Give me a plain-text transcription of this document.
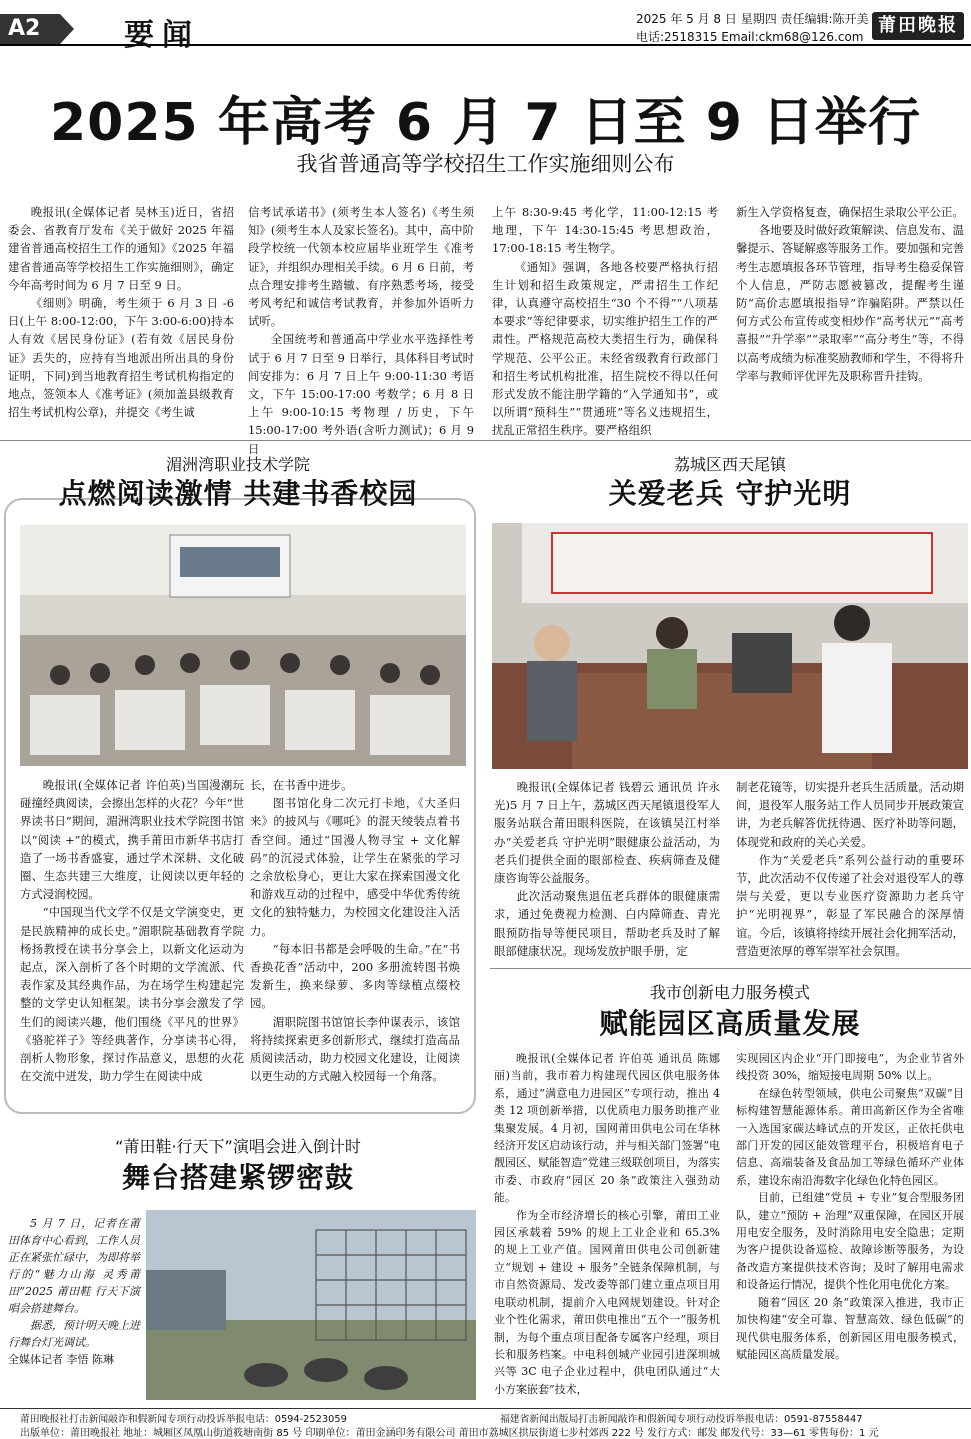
A2	要闻	2025 年 5 月 8 日 星期四 责任编辑:陈开美
电话:2518315 Email:ckm68@126.com
莆田晚报
2025 年高考 6 月 7 日至 9 日举行
我省普通高等学校招生工作实施细则公布

晚报讯(全媒体记者 吴林玉)近日，省招委会、省教育厅发布《关于做好 2025 年福建省普通高校招生工作的通知》《2025 年福建省普通高等学校招生工作实施细则》，确定今年高考时间为 6 月 7 日至 9 日。

《细则》明确，考生须于 6 月 3 日 -6 日(上午 8:00-12:00，下午 3:00-6:00)持本人有效《居民身份证》(若有效《居民身份证》丢失的，应持有当地派出所出具的身份证明，下同)到当地教育招生考试机构指定的地点，签领本人《准考证》(须加盖县级教育招生考试机构公章)，并提交《考生诚

信考试承诺书》(须考生本人签名)《考生须知》(须考生本人及家长签名)。其中，高中阶段学校统一代领本校应届毕业班学生《准考证》，并组织办理相关手续。6 月 6 日前，考点合理安排考生踏辙、有序熟悉考场，接受考风考纪和诚信考试教育，并参加外语听力试听。

全国统考和普通高中学业水平选择性考试于 6 月 7 日至 9 日举行，具体科目考试时间安排为：6 月 7 日上午 9:00-11:30 考语文，下午 15:00-17:00 考数学；6 月 8 日上午 9:00-10:15 考物理 / 历史，下午 15:00-17:00 考外语(含听力测试)；6 月 9 日

上午 8:30-9:45 考化学，11:00-12:15 考地理，下午 14:30-15:45 考思想政治，17:00-18:15 考生物学。

《通知》强调，各地各校要严格执行招生计划和招生政策规定，严肃招生工作纪律，认真遵守高校招生“30 个不得”“八项基本要求”等纪律要求，切实维护招生工作的严肃性。严格规范高校大类招生行为，确保科学规范、公平公正。未经省级教育行政部门和招生考试机构批准，招生院校不得以任何形式发放不能注册学籍的“入学通知书”，或以所谓“预科生”“贯通班”等名义违规招生，扰乱正常招生秩序。要严格组织

新生入学资格复查，确保招生录取公平公正。

各地要及时做好政策解读、信息发布、温馨提示、答疑解惑等服务工作。要加强和完善考生志愿填报各环节管理，指导考生稳妥保管个人信息，严防志愿被篡改，提醒考生谨防“高价志愿填报指导”诈骗陷阱。严禁以任何方式公布宣传或变相炒作“高考状元”“高考喜报”“升学率”“录取率”“高分考生”等，不得以高考成绩为标准奖励教师和学生，不得将升学率与教师评优评先及职称晋升挂钩。

湄洲湾职业技术学院
点燃阅读激情 共建书香校园

晚报讯(全媒体记者 许伯英)当国漫潮玩碰撞经典阅读，会擦出怎样的火花？今年“世界读书日”期间，湄洲湾职业技术学院图书馆以“阅读 +”的模式，携手莆田市新华书店打造了一场书香盛宴，通过学术深耕、文化破圈、生态共建三大维度，让阅读以更年轻的方式浸润校园。

“中国现当代文学不仅是文学演变史，更是民族精神的成长史。”湄职院基础教育学院杨扬教授在读书分享会上，以新文化运动为起点，深入剖析了各个时期的文学流派、代表作家及其经典作品，为在场学生构建起完整的文学史认知框架。读书分享会激发了学生们的阅读兴趣，他们围绕《平凡的世界》《骆驼祥子》等经典著作，分享读书心得，剖析人物形象，探讨作品意义，思想的火花在交流中迸发，助力学生在阅读中成

长，在书香中进步。

图书馆化身二次元打卡地，《大圣归来》的披风与《哪吒》的混天绫装点着书香空间。通过“国漫人物寻宝 + 文化解码”的沉浸式体验，让学生在紧张的学习之余放松身心，更让大家在探索国漫文化和游戏互动的过程中，感受中华优秀传统文化的独特魅力，为校园文化建设注入活力。

“每本旧书都是会呼吸的生命。”在“书香换花香”活动中，200 多册流转图书焕发新生，换来绿萝、多肉等绿植点缀校园。

湄职院图书馆馆长李仲谋表示，该馆将持续探索更多创新形式，继续打造高品质阅读活动，助力校园文化建设，让阅读以更生动的方式融入校园每一个角落。

荔城区西天尾镇
关爱老兵 守护光明

晚报讯(全媒体记者 钱碧云 通讯员 许永光)5 月 7 日上午，荔城区西天尾镇退役军人服务站联合莆田眼科医院，在该镇吴江村举办“关爱老兵 守护光明”眼健康公益活动，为老兵们提供全面的眼部检查、疾病筛查及健康咨询等公益服务。

此次活动聚焦退伍老兵群体的眼健康需求，通过免费视力检测、白内障筛查、青光眼预防指导等便民项目，帮助老兵及时了解眼部健康状况。现场发放护眼手册，定

制老花镜等，切实提升老兵生活质量。活动期间，退役军人服务站工作人员同步开展政策宣讲，为老兵解答优抚待遇、医疗补助等问题，体现党和政府的关心关爱。

作为“关爱老兵”系列公益行动的重要环节，此次活动不仅传递了社会对退役军人的尊崇与关爱，更以专业医疗资源助力老兵守护“光明视界”，彰显了军民融合的深厚情谊。今后，该镇将持续开展社会化拥军活动，营造更浓厚的尊军崇军社会氛围。

我市创新电力服务模式
赋能园区高质量发展

晚报讯(全媒体记者 许伯英 通讯员 陈娜丽)当前，我市着力构建现代园区供电服务体系，通过“满意电力进园区”专项行动，推出 4 类 12 项创新举措，以优质电力服务助推产业集聚发展。4 月初，国网莆田供电公司在华林经济开发区启动该行动，并与相关部门签署“电靓园区、赋能智造”党建三级联创项目，为落实市委、市政府“园区 20 条”政策注入强劲动能。

作为全市经济增长的核心引擎，莆田工业园区承载着 59% 的规上工业企业和 65.3% 的规上工业产值。国网莆田供电公司创新建立“规划 + 建设 + 服务”全链条保障机制，与市自然资源局、发改委等部门建立重点项目用电联动机制，提前介入电网规划建设。针对企业个性化需求，莆田供电推出“五个一”服务机制，为每个重点项目配备专属客户经理，项目长和服务档案。中电科创城产业园引进深圳城兴等 3C 电子企业过程中，供电团队通过“大小方案嵌套”技术，

实现园区内企业“开门即接电”，为企业节省外线投资 30%，缩短接电周期 50% 以上。

在绿色转型领域，供电公司聚焦“双碳”目标构建智慧能源体系。莆田高新区作为全省唯一入选国家碳达峰试点的开发区，正依托供电部门开发的园区能效管理平台，积极培育电子信息、高端装备及食品加工等绿色循环产业体系，建设东南沿海数字化绿色化特色园区。

目前，已组建“党员 + 专业”复合型服务团队，建立“预防 + 治理”双重保障，在园区开展用电安全服务，及时消除用电安全隐患；定期为客户提供设备巡检、故障诊断等服务，为设备改造方案提供技术咨询；及时了解用电需求和设备运行情况，提供个性化用电优化方案。

随着“园区 20 条”政策深入推进，我市正加快构建“安全可靠、智慧高效、绿色低碳”的现代供电服务体系，创新园区用电服务模式，赋能园区高质量发展。

“莆田鞋·行天下”演唱会进入倒计时
舞台搭建紧锣密鼓

5 月 7 日，记者在莆田体育中心看到，工作人员正在紧张忙碌中，为即将举行的“魅力山海 灵秀莆田”2025 莆田鞋 行天下演唱会搭建舞台。

据悉，预计明天晚上进行舞台灯光调试。

全媒体记者 李悟 陈琳

莆田晚报社打击新闻敲诈和假新闻专项行动投诉举报电话：0594-2523059	福建省新闻出版局打击新闻敲诈和假新闻专项行动投诉举报电话：0591-87558447
出版单位：莆田晚报社 地址：城厢区凤凰山街道筱塘南街 85 号 印刷单位：莆田金涵印务有限公司 莆田市荔城区拱辰街道七步村郊西 222 号 发行方式：邮发 邮发代号：33—61 零售每份：1 元
